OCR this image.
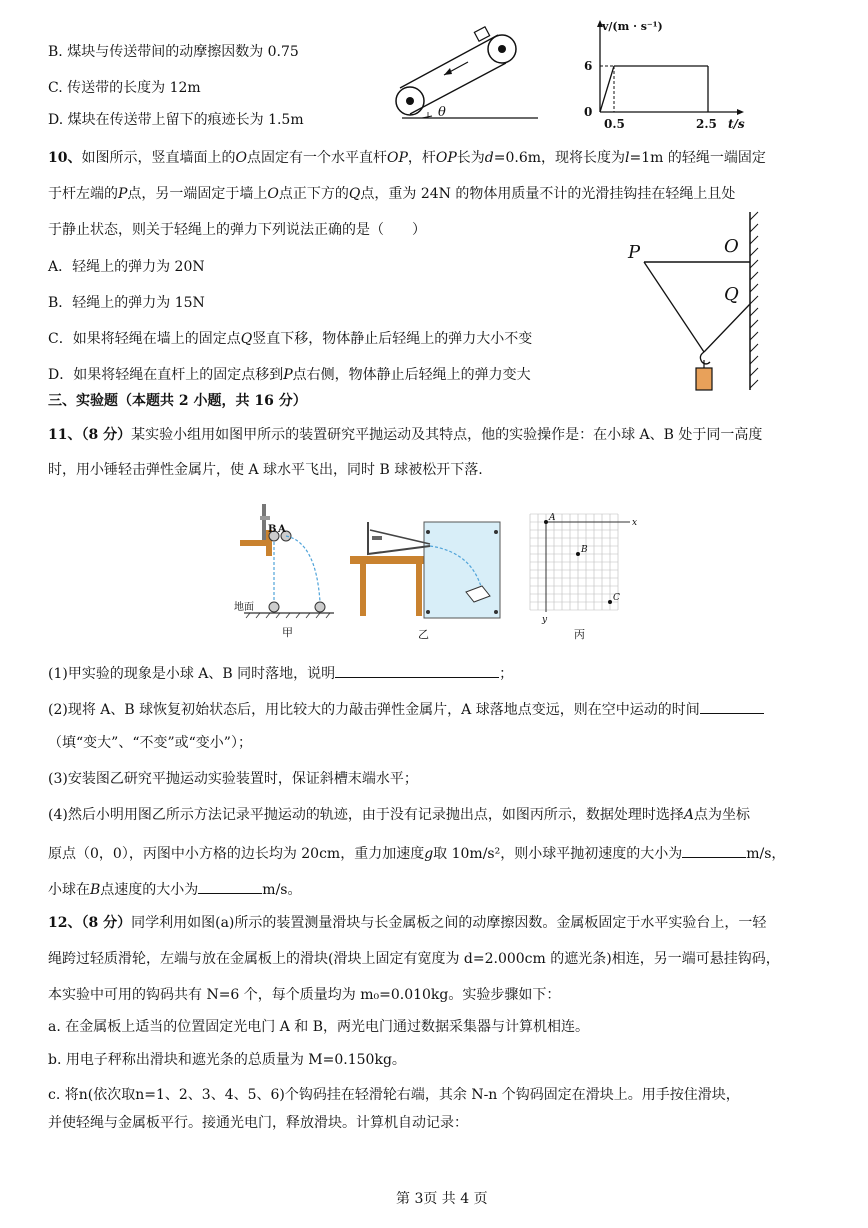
B. 煤块与传送带间的动摩擦因数为 0.75
C. 传送带的长度为 12m
D. 煤块在传送带上留下的痕迹长为 1.5m	θ
v/(m · s⁻¹)
6
0
0.5	2.5 t/s
10、如图所示，竖直墙面上的O点固定有一个水平直杆OP，杆OP长为d=0.6m，现将长度为l=1m 的轻绳一端固定
于杆左端的P点，另一端固定于墙上O点正下方的Q点，重为 24N 的物体用质量不计的光滑挂钩挂在轻绳上且处
于静止状态，则关于轻绳上的弹力下列说法正确的是（　　）
A．轻绳上的弹力为 20N
B．轻绳上的弹力为 15N
C．如果将轻绳在墙上的固定点Q竖直下移，物体静止后轻绳上的弹力大小不变
D．如果将轻绳在直杆上的固定点移到P点右侧，物体静止后轻绳上的弹力变大
P	O
Q
三、实验题（本题共 2 小题，共 16 分）
11、（8 分）某实验小组用如图甲所示的装置研究平抛运动及其特点，他的实验操作是：在小球 A、B 处于同一高度
时，用小锤轻击弹性金属片，使 A 球水平飞出，同时 B 球被松开下落.
A
B
地面
甲	乙
A
B
C
x
y
丙
(1)甲实验的现象是小球 A、B 同时落地，说明	；
(2)现将 A、B 球恢复初始状态后，用比较大的力敲击弹性金属片，A 球落地点变远，则在空中运动的时间
（填“变大”、“不变”或“变小”）；
(3)安装图乙研究平抛运动实验装置时，保证斜槽末端水平；
(4)然后小明用图乙所示方法记录平抛运动的轨迹，由于没有记录抛出点，如图丙所示，数据处理时选择A点为坐标
原点（0，0），丙图中小方格的边长均为 20cm，重力加速度g取 10m/s²，则小球平抛初速度的大小为	m/s，
小球在B点速度的大小为	m/s。
12、（8 分）同学利用如图(a)所示的装置测量滑块与长金属板之间的动摩擦因数。金属板固定于水平实验台上，一轻
绳跨过轻质滑轮，左端与放在金属板上的滑块(滑块上固定有宽度为 d=2.000cm 的遮光条)相连，另一端可悬挂钩码，
本实验中可用的钩码共有 N=6 个，每个质量均为 m₀=0.010kg。实验步骤如下：
a. 在金属板上适当的位置固定光电门 A 和 B，两光电门通过数据采集器与计算机相连。
b. 用电子秤称出滑块和遮光条的总质量为 M=0.150kg。
c. 将n(依次取n=1、2、3、4、5、6)个钩码挂在轻滑轮右端，其余 N-n 个钩码固定在滑块上。用手按住滑块，
并使轻绳与金属板平行。接通光电门，释放滑块。计算机自动记录：
第 3页 共 4 页
